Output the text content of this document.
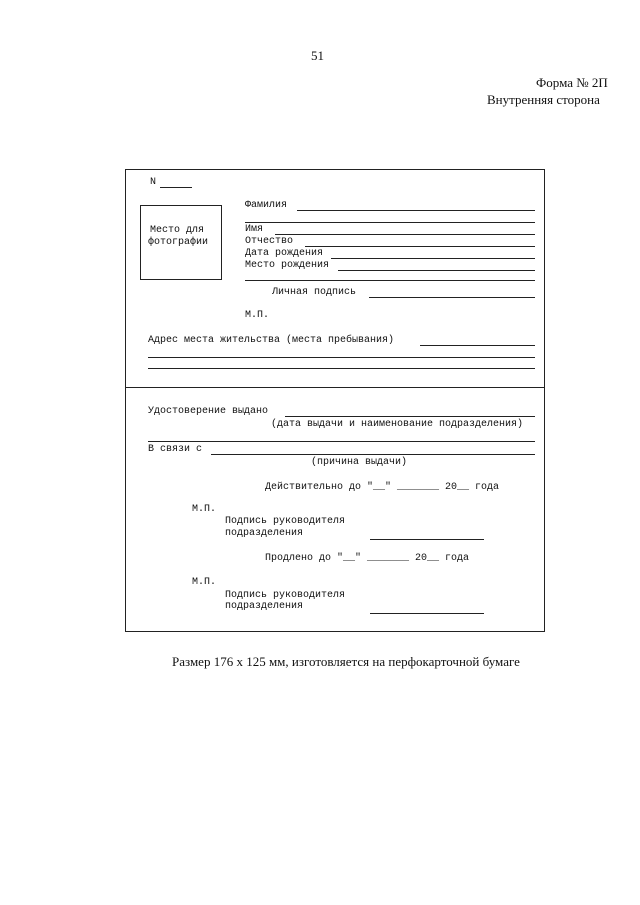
51
Форма № 2П
Внутренняя сторона
N
Место для
фотографии
Фамилия
Имя
Отчество
Дата рождения
Место рождения
Личная подпись
М.П.
Адрес места жительства (места пребывания)
Удостоверение выдано
(дата выдачи и наименование подразделения)
В связи с
(причина выдачи)
Действительно до "__" _______ 20__ года
М.П.
Подпись руководителя
подразделения
Продлено до "__" _______ 20__ года
М.П.
Подпись руководителя
подразделения
Размер 176 х 125 мм, изготовляется на перфокарточной бумаге
